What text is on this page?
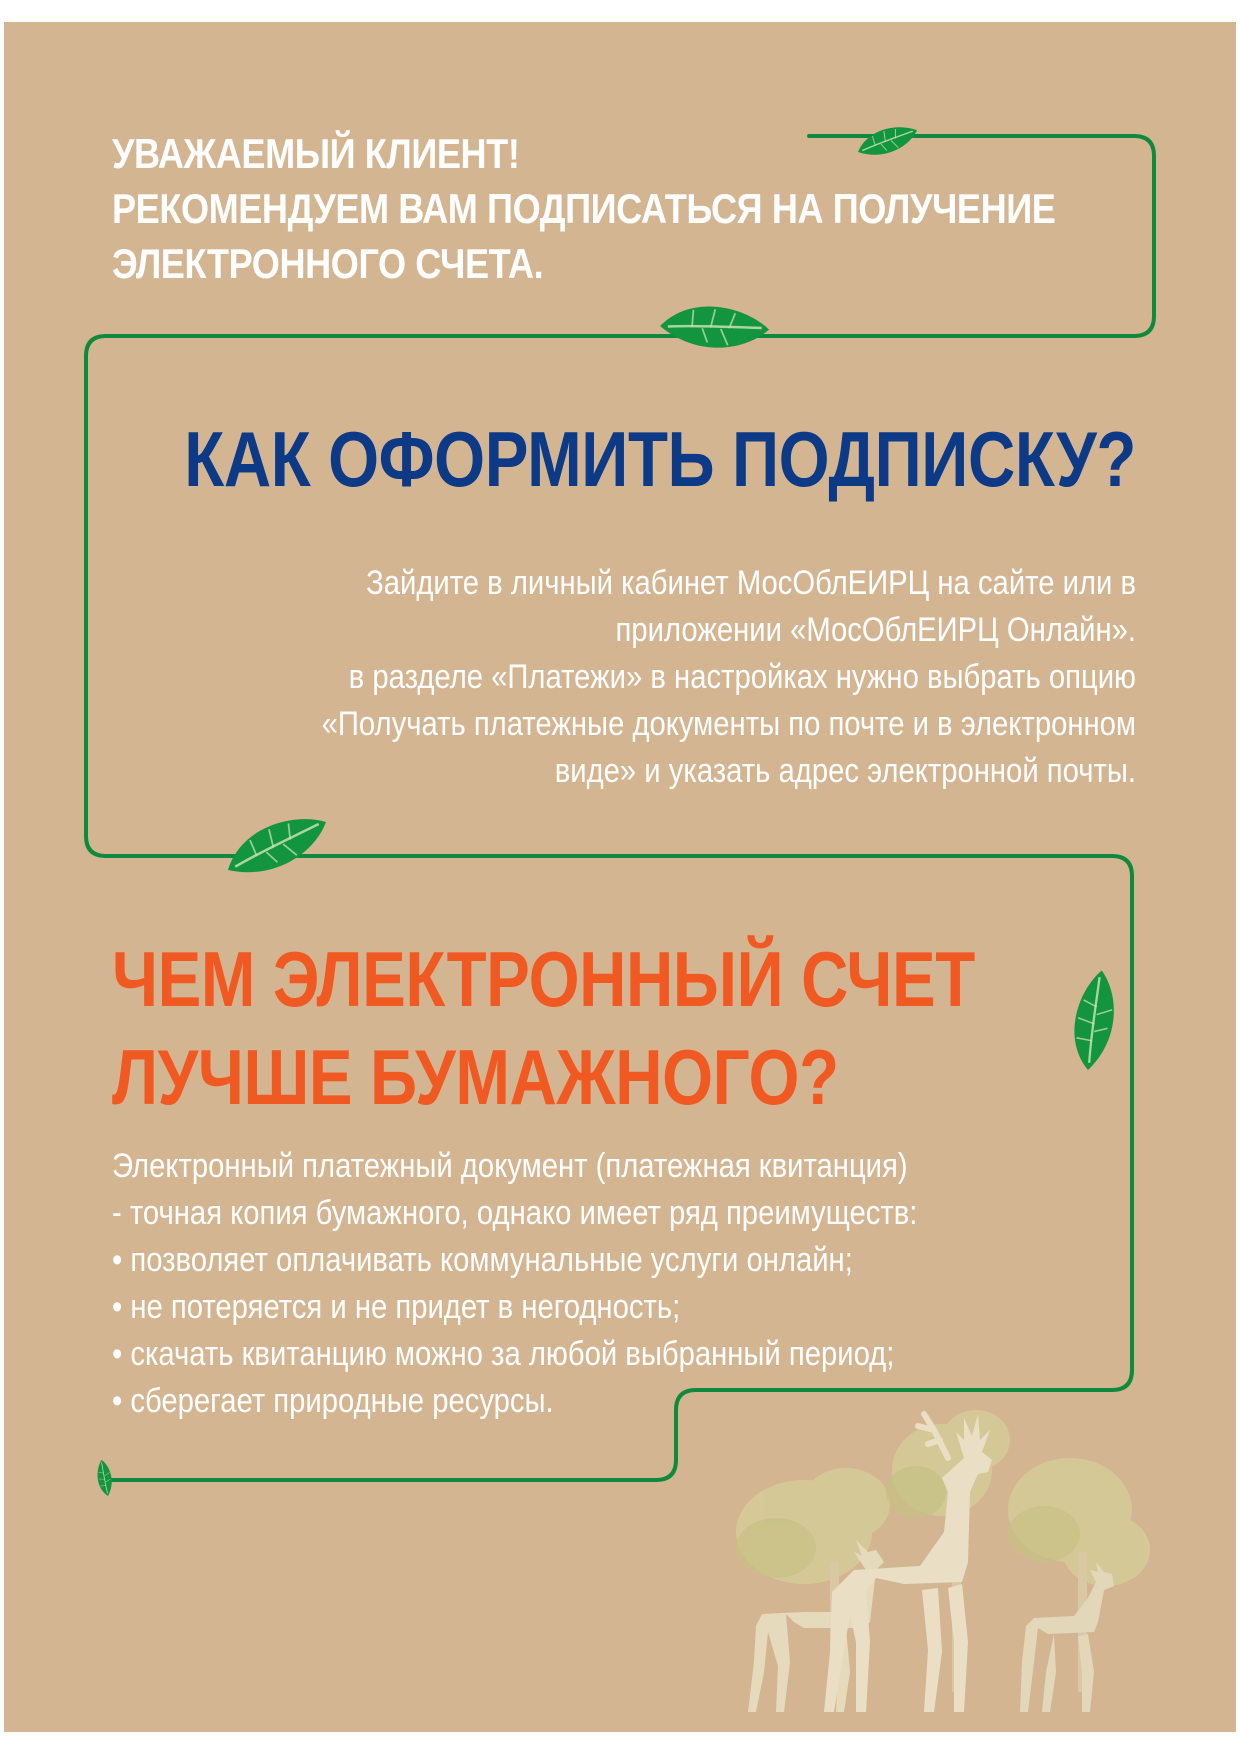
УВАЖАЕМЫЙ КЛИЕНТ!
РЕКОМЕНДУЕМ ВАМ ПОДПИСАТЬСЯ НА ПОЛУЧЕНИЕ
ЭЛЕКТРОННОГО СЧЕТА.
КАК ОФОРМИТЬ ПОДПИСКУ?
Зайдите в личный кабинет МосОблЕИРЦ на сайте или в
приложении «МосОблЕИРЦ Онлайн».
в разделе «Платежи» в настройках нужно выбрать опцию
«Получать платежные документы по почте и в электронном
виде» и указать адрес электронной почты.
ЧЕМ ЭЛЕКТРОННЫЙ СЧЕТ
ЛУЧШЕ БУМАЖНОГО?
Электронный платежный документ (платежная квитанция)
- точная копия бумажного, однако имеет ряд преимуществ:
• позволяет оплачивать коммунальные услуги онлайн;
• не потеряется и не придет в негодность;
• скачать квитанцию можно за любой выбранный период;
• сберегает природные ресурсы.
